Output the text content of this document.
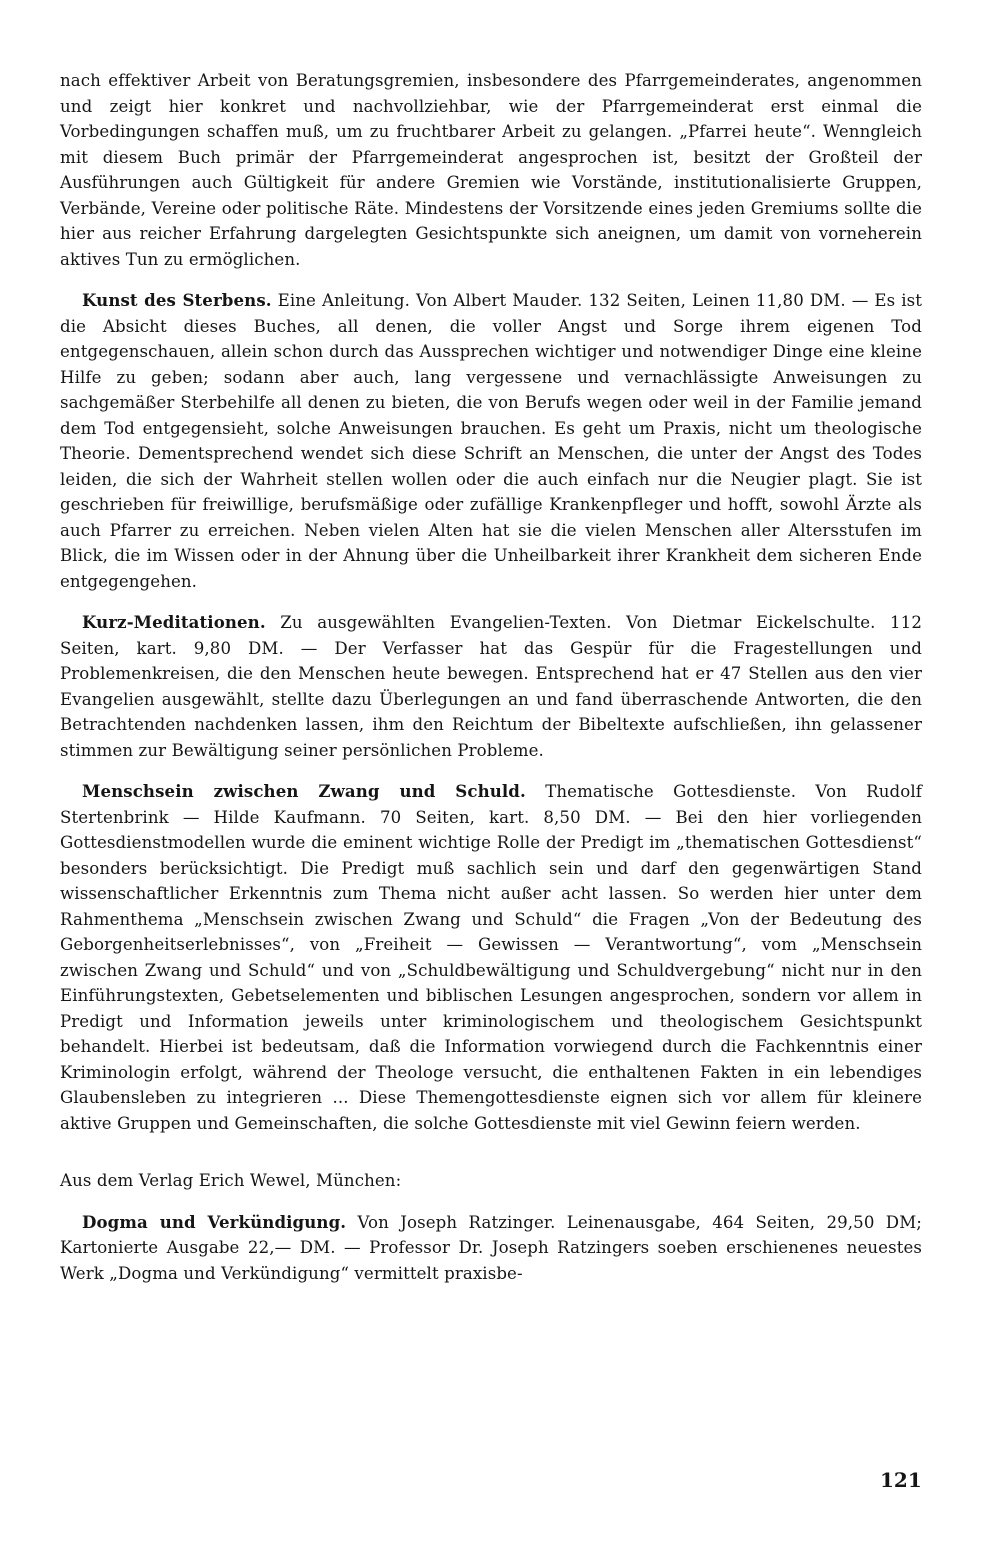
nach effektiver Arbeit von Beratungsgremien, insbesondere des Pfarrgemeinderates, angenommen und zeigt hier konkret und nachvollziehbar, wie der Pfarrgemeinderat erst einmal die Vorbedingungen schaffen muß, um zu fruchtbarer Arbeit zu gelangen. „Pfarrei heute“. Wenngleich mit diesem Buch primär der Pfarrgemeinderat angesprochen ist, besitzt der Großteil der Ausführungen auch Gültigkeit für andere Gremien wie Vorstände, institutionalisierte Gruppen, Verbände, Vereine oder politische Räte. Mindestens der Vorsitzende eines jeden Gremiums sollte die hier aus reicher Erfahrung dargelegten Gesichtspunkte sich aneignen, um damit von vorneherein aktives Tun zu ermöglichen.

Kunst des Sterbens. Eine Anleitung. Von Albert Mauder. 132 Seiten, Leinen 11,80 DM. — Es ist die Absicht dieses Buches, all denen, die voller Angst und Sorge ihrem eigenen Tod entgegenschauen, allein schon durch das Aussprechen wichtiger und notwendiger Dinge eine kleine Hilfe zu geben; sodann aber auch, lang vergessene und vernachlässigte Anweisungen zu sachgemäßer Sterbehilfe all denen zu bieten, die von Berufs wegen oder weil in der Familie jemand dem Tod entgegensieht, solche Anweisungen brauchen. Es geht um Praxis, nicht um theologische Theorie. Dementsprechend wendet sich diese Schrift an Menschen, die unter der Angst des Todes leiden, die sich der Wahrheit stellen wollen oder die auch einfach nur die Neugier plagt. Sie ist geschrieben für freiwillige, berufsmäßige oder zufällige Krankenpfleger und hofft, sowohl Ärzte als auch Pfarrer zu erreichen. Neben vielen Alten hat sie die vielen Menschen aller Altersstufen im Blick, die im Wissen oder in der Ahnung über die Unheilbarkeit ihrer Krankheit dem sicheren Ende entgegengehen.

Kurz-Meditationen. Zu ausgewählten Evangelien-Texten. Von Dietmar Eickelschulte. 112 Seiten, kart. 9,80 DM. — Der Verfasser hat das Gespür für die Fragestellungen und Problemenkreisen, die den Menschen heute bewegen. Entsprechend hat er 47 Stellen aus den vier Evangelien ausgewählt, stellte dazu Überlegungen an und fand überraschende Antworten, die den Betrachtenden nachdenken lassen, ihm den Reichtum der Bibeltexte aufschließen, ihn gelassener stimmen zur Bewältigung seiner persönlichen Probleme.

Menschsein zwischen Zwang und Schuld. Thematische Gottesdienste. Von Rudolf Stertenbrink — Hilde Kaufmann. 70 Seiten, kart. 8,50 DM. — Bei den hier vorliegenden Gottesdienstmodellen wurde die eminent wichtige Rolle der Predigt im „thematischen Gottesdienst“ besonders berücksichtigt. Die Predigt muß sachlich sein und darf den gegenwärtigen Stand wissenschaftlicher Erkenntnis zum Thema nicht außer acht lassen. So werden hier unter dem Rahmenthema „Menschsein zwischen Zwang und Schuld“ die Fragen „Von der Bedeutung des Geborgenheitserlebnisses“, von „Freiheit — Gewissen — Verantwortung“, vom „Menschsein zwischen Zwang und Schuld“ und von „Schuldbewältigung und Schuldvergebung“ nicht nur in den Einführungstexten, Gebetselementen und biblischen Lesungen angesprochen, sondern vor allem in Predigt und Information jeweils unter kriminologischem und theologischem Gesichtspunkt behandelt. Hierbei ist bedeutsam, daß die Information vorwiegend durch die Fachkenntnis einer Kriminologin erfolgt, während der Theologe versucht, die enthaltenen Fakten in ein lebendiges Glaubensleben zu integrieren ... Diese Themengottesdienste eignen sich vor allem für kleinere aktive Gruppen und Gemeinschaften, die solche Gottesdienste mit viel Gewinn feiern werden.

Aus dem Verlag Erich Wewel, München:

Dogma und Verkündigung. Von Joseph Ratzinger. Leinenausgabe, 464 Seiten, 29,50 DM; Kartonierte Ausgabe 22,— DM. — Professor Dr. Joseph Ratzingers soeben erschienenes neuestes Werk „Dogma und Verkündigung“ vermittelt praxisbe-

121
